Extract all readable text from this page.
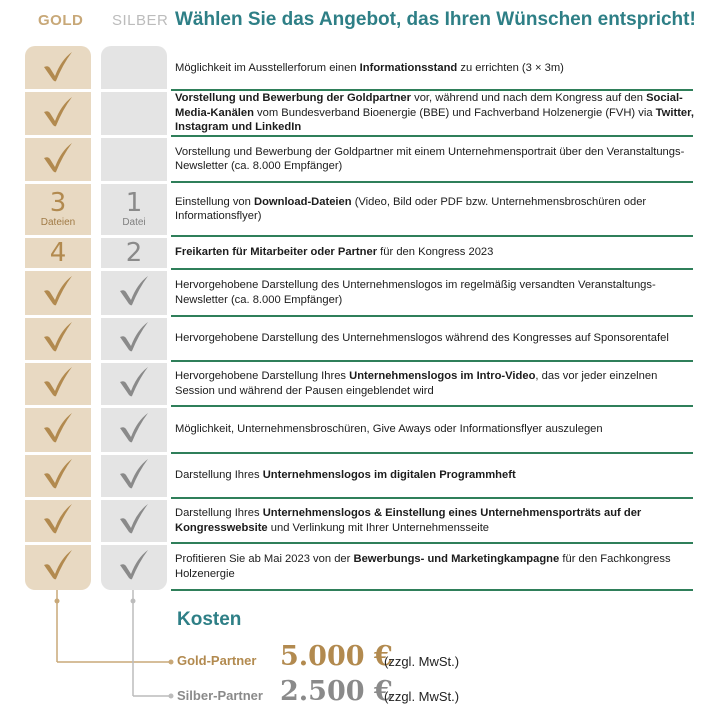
GOLD SILBER Wählen Sie das Angebot, das Ihren Wünschen entspricht!
Möglichkeit im Ausstellerforum einen Informationsstand zu errichten (3 × 3m)
Vorstellung und Bewerbung der Goldpartner vor, während und nach dem Kongress auf den Social-Media-Kanälen vom Bundesverband Bioenergie (BBE) und Fachverband Holzenergie (FVH) via Twitter, Instagram und LinkedIn
Vorstellung und Bewerbung der Goldpartner mit einem Unternehmensportrait über den Veranstaltungs-Newsletter (ca. 8.000 Empfänger)
3
Dateien
1
Datei
Einstellung von Download-Dateien (Video, Bild oder PDF bzw. Unternehmensbroschüren oder Informationsflyer)
4 2	Freikarten für Mitarbeiter oder Partner für den Kongress 2023
Hervorgehobene Darstellung des Unternehmenslogos im regelmäßig versandten Veranstaltungs-Newsletter (ca. 8.000 Empfänger)
Hervorgehobene Darstellung des Unternehmenslogos während des Kongresses auf Sponsorentafel
Hervorgehobene Darstellung Ihres Unternehmenslogos im Intro-Video, das vor jeder einzelnen Session und während der Pausen eingeblendet wird
Möglichkeit, Unternehmensbroschüren, Give Aways oder Informationsflyer auszulegen
Darstellung Ihres Unternehmenslogos im digitalen Programmheft
Darstellung Ihres Unternehmenslogos & Einstellung eines Unternehmensporträts auf der Kongresswebsite und Verlinkung mit Ihrer Unternehmensseite
Profitieren Sie ab Mai 2023 von der Bewerbungs- und Marketingkampagne für den Fachkongress Holzenergie
Kosten
Gold-Partner 5.000 €
(zzgl. MwSt.)
Silber-Partner 2.500 €
(zzgl. MwSt.)
